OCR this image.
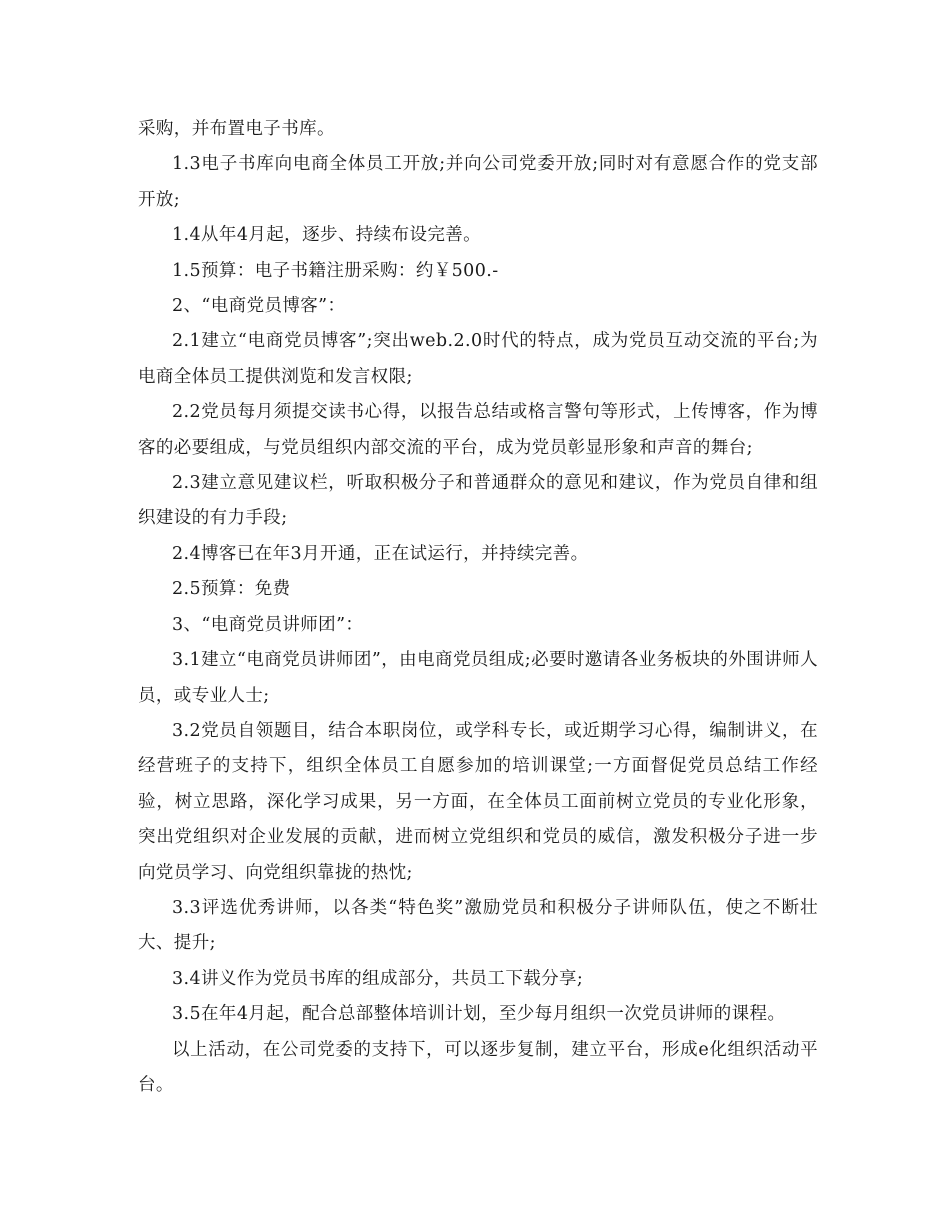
采购，并布置电子书库。

1.3电子书库向电商全体员工开放;并向公司党委开放;同时对有意愿合作的党支部开放;

1.4从年4月起，逐步、持续布设完善。

1.5预算：电子书籍注册采购：约￥500.-

2、“电商党员博客”：

2.1建立“电商党员博客”;突出web.2.0时代的特点，成为党员互动交流的平台;为电商全体员工提供浏览和发言权限;

2.2党员每月须提交读书心得，以报告总结或格言警句等形式，上传博客，作为博客的必要组成，与党员组织内部交流的平台，成为党员彰显形象和声音的舞台;

2.3建立意见建议栏，听取积极分子和普通群众的意见和建议，作为党员自律和组织建设的有力手段;

2.4博客已在年3月开通，正在试运行，并持续完善。

2.5预算：免费

3、“电商党员讲师团”：

3.1建立“电商党员讲师团”，由电商党员组成;必要时邀请各业务板块的外围讲师人员，或专业人士;

3.2党员自领题目，结合本职岗位，或学科专长，或近期学习心得，编制讲义，在经营班子的支持下，组织全体员工自愿参加的培训课堂;一方面督促党员总结工作经验，树立思路，深化学习成果，另一方面，在全体员工面前树立党员的专业化形象，突出党组织对企业发展的贡献，进而树立党组织和党员的威信，激发积极分子进一步向党员学习、向党组织靠拢的热忱;

3.3评选优秀讲师，以各类“特色奖”激励党员和积极分子讲师队伍，使之不断壮大、提升;

3.4讲义作为党员书库的组成部分，共员工下载分享;

3.5在年4月起，配合总部整体培训计划，至少每月组织一次党员讲师的课程。

以上活动，在公司党委的支持下，可以逐步复制，建立平台，形成e化组织活动平台。
